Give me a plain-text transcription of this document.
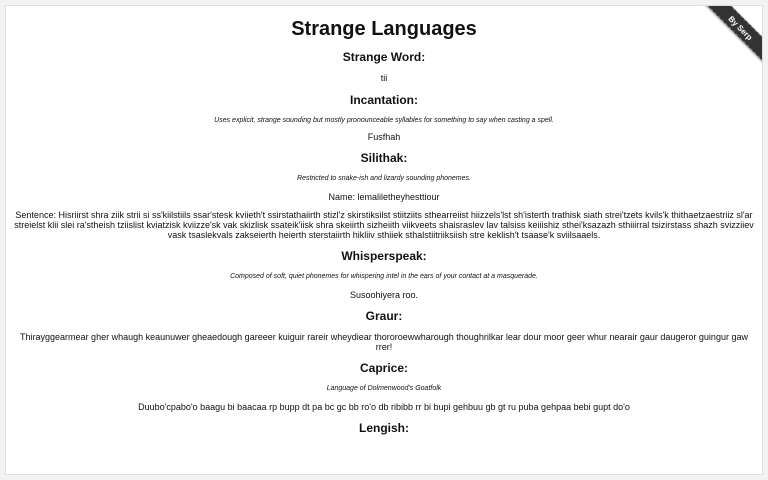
By Serp
Strange Languages
Strange Word:

tii

Incantation:

Uses explicit, strange sounding but mostly pronounceable syllables for something to say when casting a spell.

Fusfhah

Silithak:

Restricted to snake-ish and lizardy sounding phonemes.

Name: lemaliletheyhesttiour

Sentence: Hisriirst shra ziik strii si ss'kiilstiils ssar'stesk kviieth't ssirstathaiirth stizl'z skirstiksilst stiitziits sthearreiist hiizzels'lst sh'isterth trathisk siath strei'tzets kvils'k thithaetzaestriiz sl'ar streielst klii slei ra'stheish tziislist kviatzisk kviizze'sk vak skizlisk ssateik'iisk shra skeiirth sizheiith viikveets shaisraslev lav talsiss keiiishiz sthei'ksazazh sthiiirral tsizirstass shazh svizziiev vask tsaslekvals zakseierth heierth sterstaiirth hikliiv sthiiek sthalstiitriiksiish stre keklish't tsaase'k sviilsaaels.

Whisperspeak:

Composed of soft, quiet phonemes for whispering intel in the ears of your contact at a masquerade.

Susoohiyera roo.

Graur:

Thirayggearmear gher whaugh keaunuwer gheaedough gareeer kuiguir rareir wheydiear thororoewwharough thoughrilkar lear dour moor geer whur nearair gaur daugeror guingur gaw rrer!

Caprice:

Language of Dolmenwood's Goatfolk

Duubo'cpabo'o baagu bi baacaa rp bupp dt pa bc gc bb ro'o db ribibb rr bi bupi gehbuu gb gt ru puba gehpaa bebi gupt do'o

Lengish:
